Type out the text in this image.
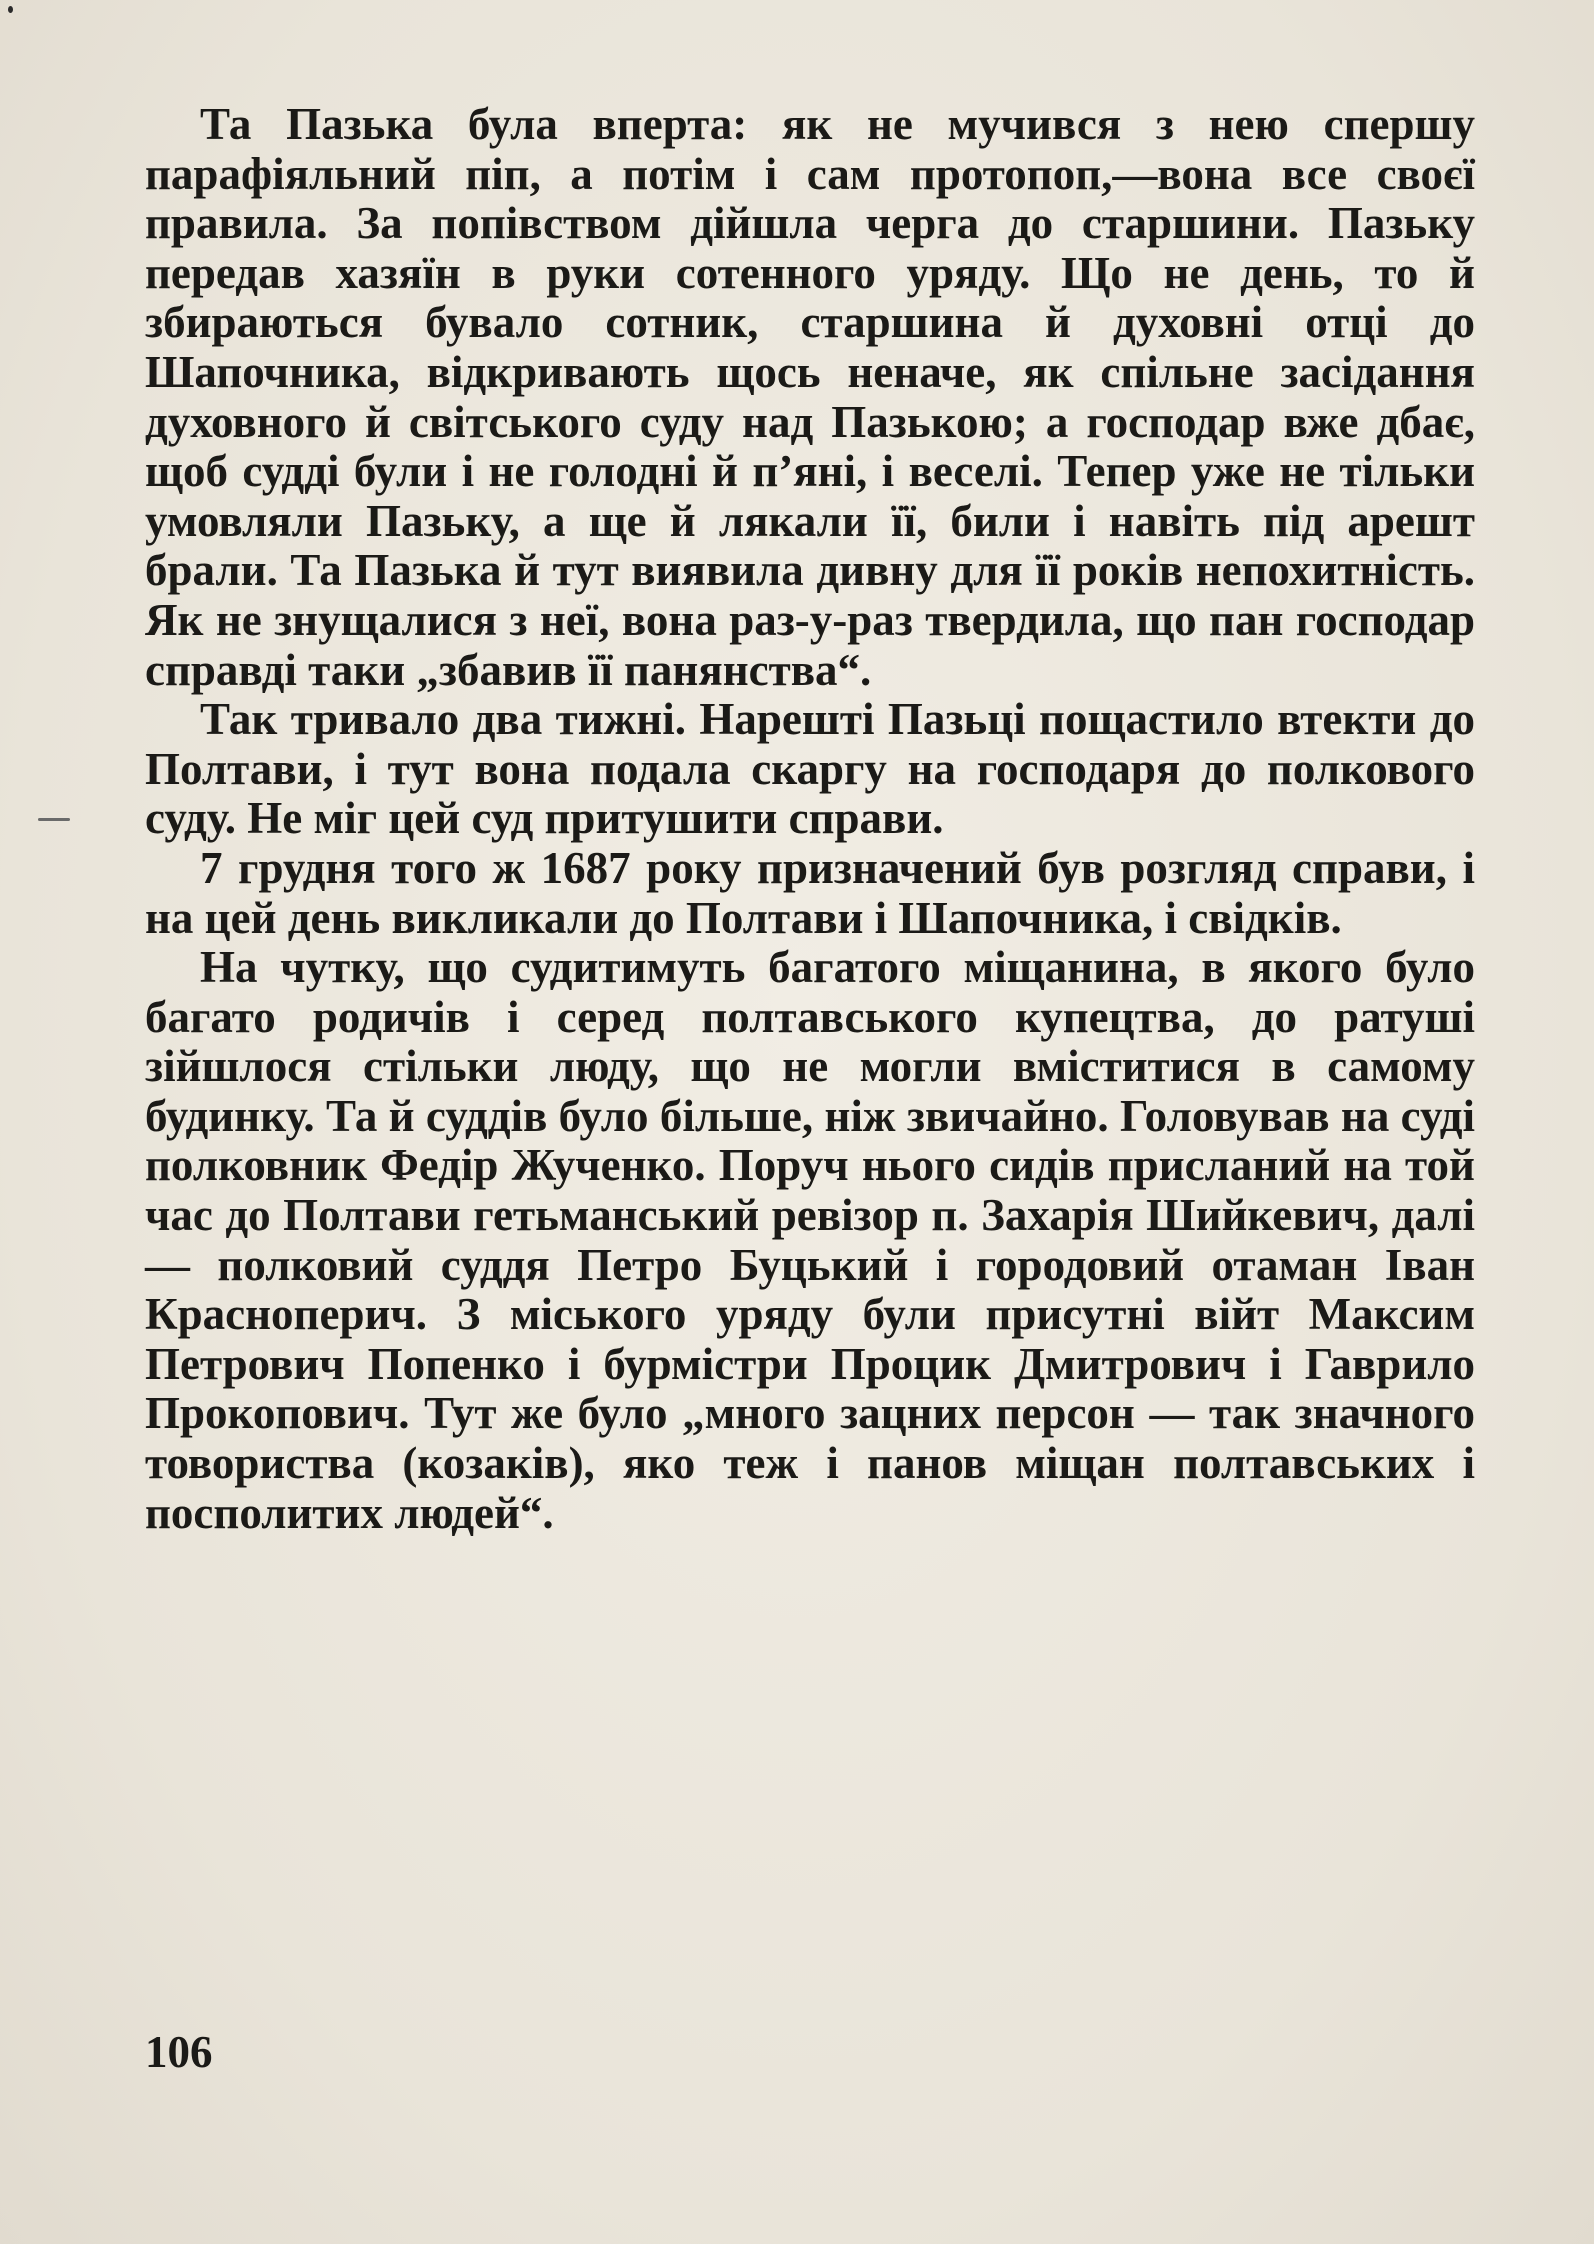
Та Пазька була вперта: як не мучився з нею спершу парафіяльний піп, а потім і сам протопоп,—вона все своєї правила. За попівством дійшла черга до старшини. Пазьку передав хазяїн в руки сотенного уряду. Що не день, то й збираються бувало сотник, старшина й духовні отці до Шапочника, відкривають щось неначе, як спільне засідання духовного й світського суду над Пазькою; а господар вже дбає, щоб судді були і не голодні й п’яні, і веселі. Тепер уже не тільки умовляли Пазьку, а ще й лякали її, били і навіть під арешт брали. Та Пазька й тут виявила дивну для її років непохитність. Як не знущалися з неї, вона раз-у-раз твердила, що пан господар справді таки „збавив її панянства“.

Так тривало два тижні. Нарешті Пазьці пощастило втекти до Полтави, і тут вона подала скаргу на господаря до полкового суду. Не міг цей суд притушити справи.

7 грудня того ж 1687 року призначений був розгляд справи, і на цей день викликали до Полтави і Шапочника, і свідків.

На чутку, що судитимуть багатого міщанина, в якого було багато родичів і серед полтавського купецтва, до ратуші зійшлося стільки люду, що не могли вміститися в самому будинку. Та й суддів було більше, ніж звичайно. Головував на суді полковник Федір Жученко. Поруч нього сидів присланий на той час до Полтави гетьманський ревізор п. Захарія Шийкевич, далі — полковий суддя Петро Буцький і городовий отаман Іван Красноперич. З міського уряду були присутні війт Максим Петрович Попенко і бурмістри Процик Дмитрович і Гаврило Прокопович. Тут же було „много зацних персон — так значного товориства (козаків), яко теж і панов міщан полтавських і посполитих людей“.

106
